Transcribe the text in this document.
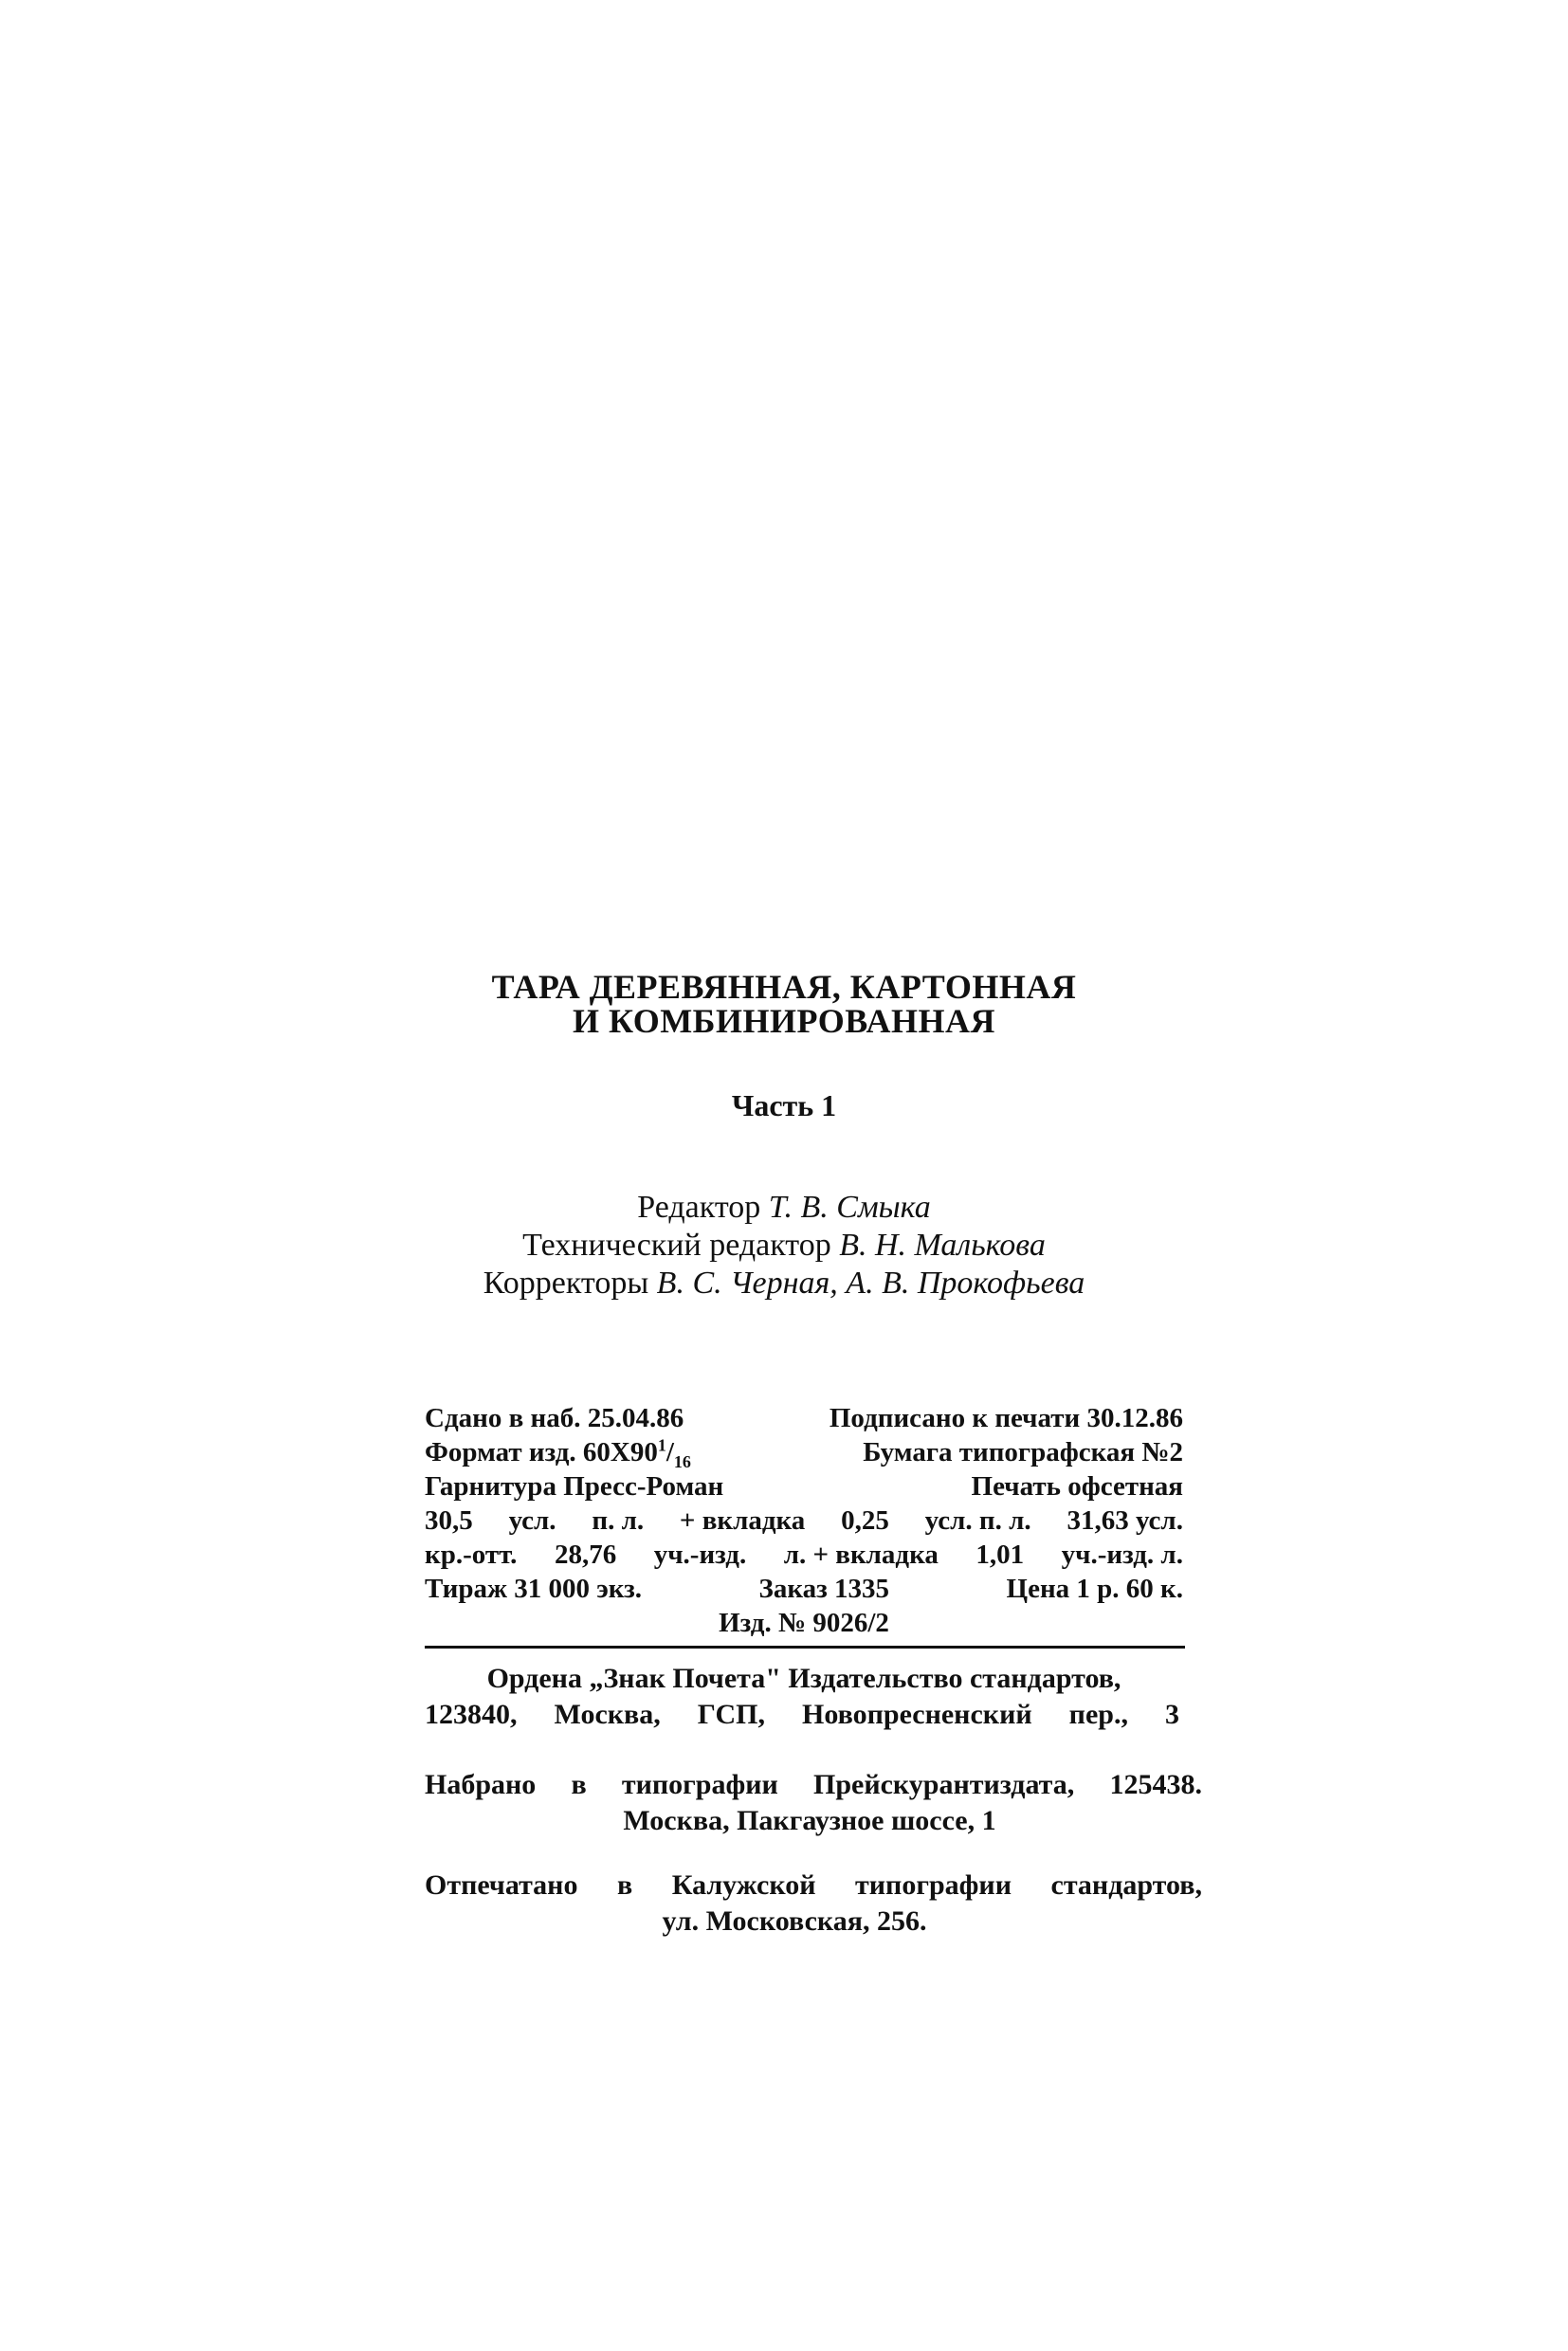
ТАРА ДЕРЕВЯННАЯ, КАРТОННАЯ
И КОМБИНИРОВАННАЯ
Часть 1
Редактор Т. В. Смыка
Технический редактор В. Н. Малькова
Корректоры В. С. Черная, А. В. Прокофьева
Сдано в наб. 25.04.86	Подписано к печати 30.12.86
Формат изд. $60X90^1/_{16}$	Бумага типографская №2
Гарнитура Пресс-Роман	Печать офсетная
30,5 усл. п. л. + вкладка 0,25 усл. п. л. 31,63 усл.
кр.-отт. 28,76 уч.-изд. л. + вкладка 1,01 уч.-изд. л.
Тираж 31 000 экз.	Заказ 1335	Цена 1 р. 60 к.
Изд. № 9026/2
Ордена „Знак Почета" Издательство стандартов,
123840, Москва, ГСП, Новопресненский пер., 3
Набрано в типографии Прейскурантиздата, 125438.
Москва, Пакгаузное шоссе, 1
Отпечатано в Калужской типографии стандартов,
ул. Московская, 256.
